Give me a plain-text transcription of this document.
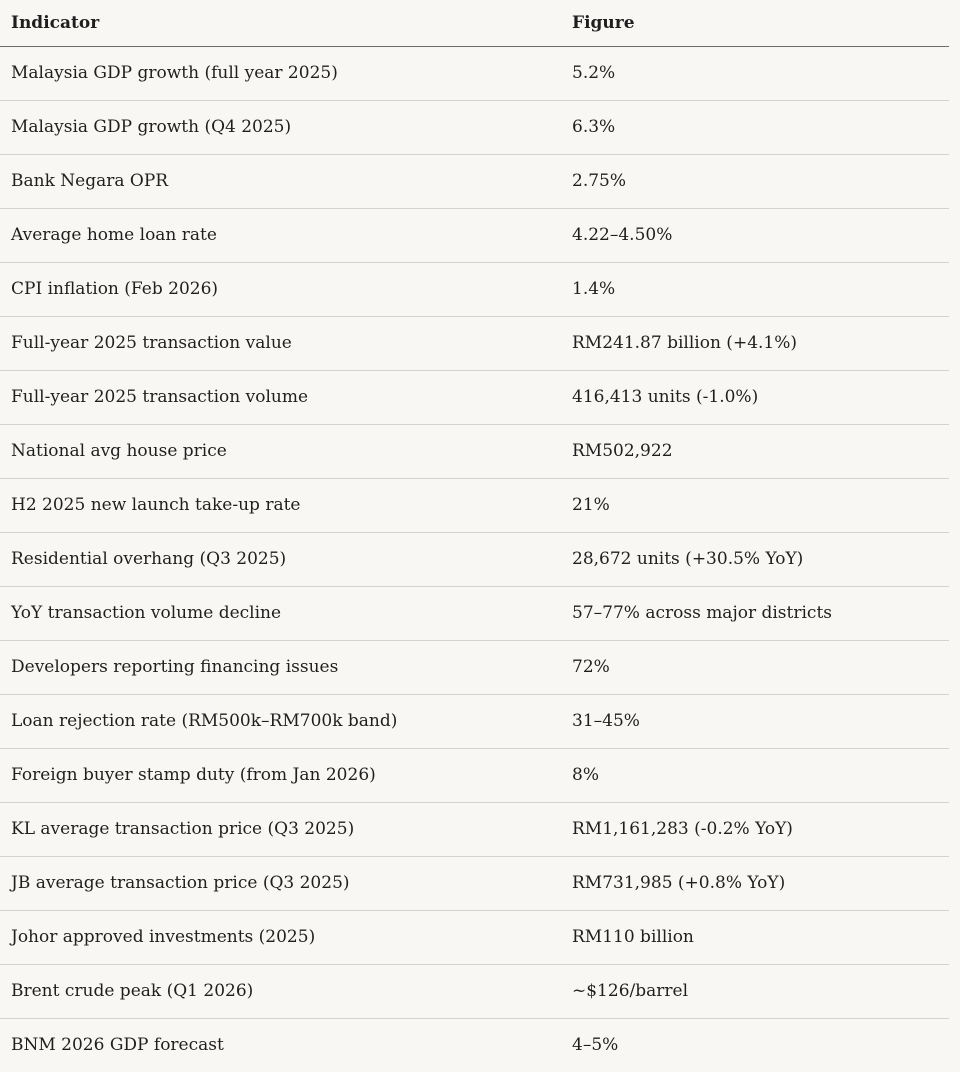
Indicator	Figure
Malaysia GDP growth (full year 2025)	5.2%
Malaysia GDP growth (Q4 2025)	6.3%
Bank Negara OPR	2.75%
Average home loan rate	4.22–4.50%
CPI inflation (Feb 2026)	1.4%
Full-year 2025 transaction value	RM241.87 billion (+4.1%)
Full-year 2025 transaction volume	416,413 units (-1.0%)
National avg house price	RM502,922
H2 2025 new launch take-up rate	21%
Residential overhang (Q3 2025)	28,672 units (+30.5% YoY)
YoY transaction volume decline	57–77% across major districts
Developers reporting financing issues	72%
Loan rejection rate (RM500k–RM700k band)	31–45%
Foreign buyer stamp duty (from Jan 2026)	8%
KL average transaction price (Q3 2025)	RM1,161,283 (-0.2% YoY)
JB average transaction price (Q3 2025)	RM731,985 (+0.8% YoY)
Johor approved investments (2025)	RM110 billion
Brent crude peak (Q1 2026)	~$126/barrel
BNM 2026 GDP forecast	4–5%
